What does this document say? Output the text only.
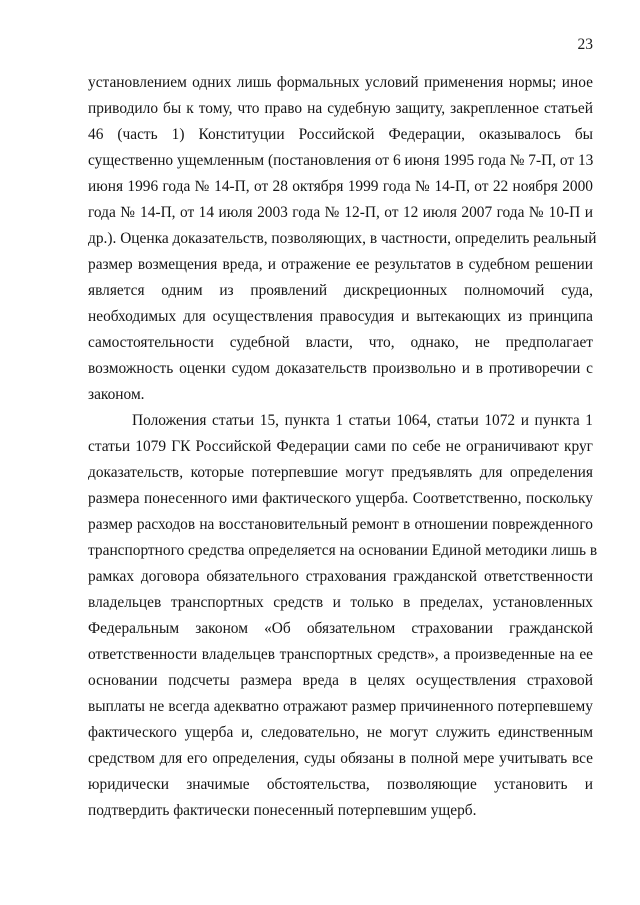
23
установлением одних лишь формальных условий применения нормы; иное
приводило бы к тому, что право на судебную защиту, закрепленное статьей
46 (часть 1) Конституции Российской Федерации, оказывалось бы
существенно ущемленным (постановления от 6 июня 1995 года № 7-П, от 13
июня 1996 года № 14-П, от 28 октября 1999 года № 14-П, от 22 ноября 2000
года № 14-П, от 14 июля 2003 года № 12-П, от 12 июля 2007 года № 10-П и
др.). Оценка доказательств, позволяющих, в частности, определить реальный
размер возмещения вреда, и отражение ее результатов в судебном решении
является одним из проявлений дискреционных полномочий суда,
необходимых для осуществления правосудия и вытекающих из принципа
самостоятельности судебной власти, что, однако, не предполагает
возможность оценки судом доказательств произвольно и в противоречии с
законом.
Положения статьи 15, пункта 1 статьи 1064, статьи 1072 и пункта 1
статьи 1079 ГК Российской Федерации сами по себе не ограничивают круг
доказательств, которые потерпевшие могут предъявлять для определения
размера понесенного ими фактического ущерба. Соответственно, поскольку
размер расходов на восстановительный ремонт в отношении поврежденного
транспортного средства определяется на основании Единой методики лишь в
рамках договора обязательного страхования гражданской ответственности
владельцев транспортных средств и только в пределах, установленных
Федеральным законом «Об обязательном страховании гражданской
ответственности владельцев транспортных средств», а произведенные на ее
основании подсчеты размера вреда в целях осуществления страховой
выплаты не всегда адекватно отражают размер причиненного потерпевшему
фактического ущерба и, следовательно, не могут служить единственным
средством для его определения, суды обязаны в полной мере учитывать все
юридически значимые обстоятельства, позволяющие установить и
подтвердить фактически понесенный потерпевшим ущерб.
